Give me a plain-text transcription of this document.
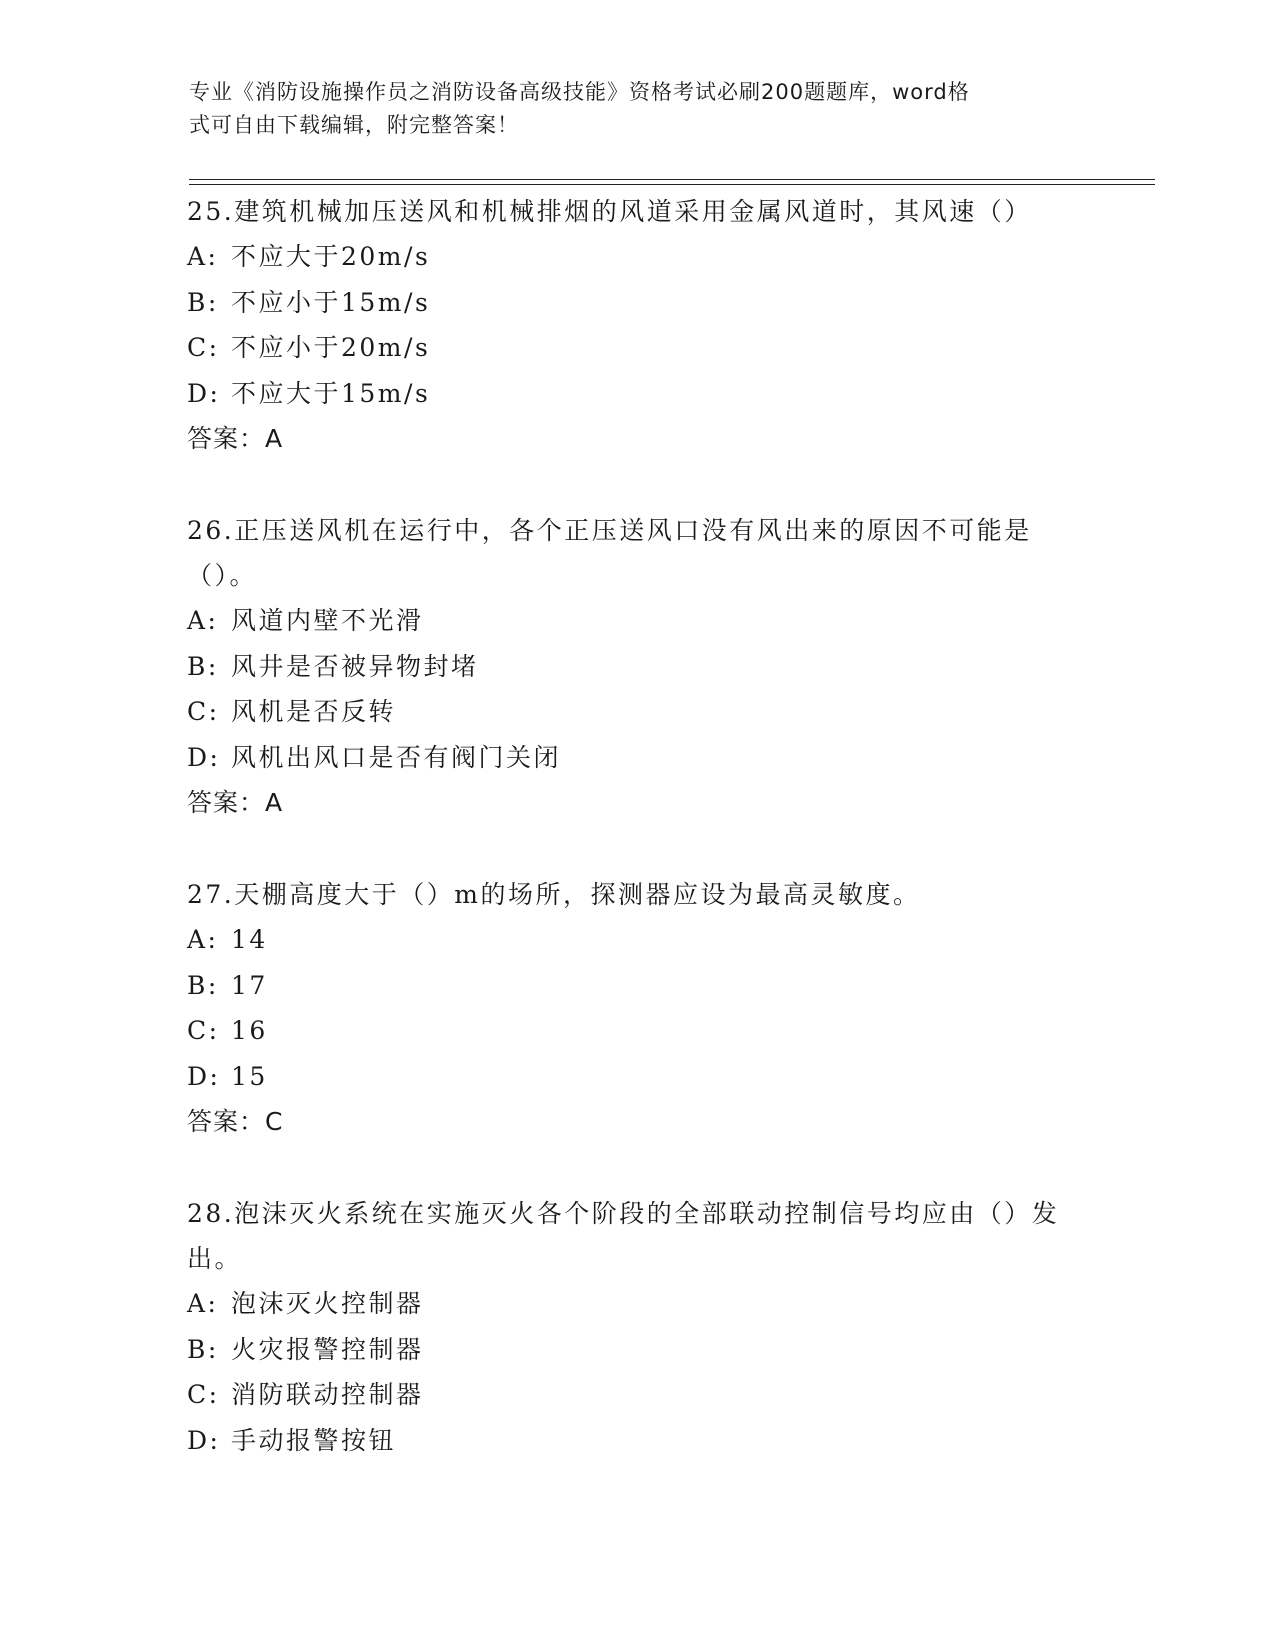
专业《消防设施操作员之消防设备高级技能》资格考试必刷200题题库，word格
式可自由下载编辑，附完整答案！

25.建筑机械加压送风和机械排烟的风道采用金属风道时，其风速（）

A: 不应大于20m/s
B: 不应小于15m/s
C: 不应小于20m/s
D: 不应大于15m/s
答案：A

26.正压送风机在运行中，各个正压送风口没有风出来的原因不可能是（）。

A: 风道内壁不光滑
B: 风井是否被异物封堵
C: 风机是否反转
D: 风机出风口是否有阀门关闭
答案：A

27.天棚高度大于（）m的场所，探测器应设为最高灵敏度。

A: 14
B: 17
C: 16
D: 15
答案：C

28.泡沫灭火系统在实施灭火各个阶段的全部联动控制信号均应由（）发出。

A: 泡沫灭火控制器
B: 火灾报警控制器
C: 消防联动控制器
D: 手动报警按钮
